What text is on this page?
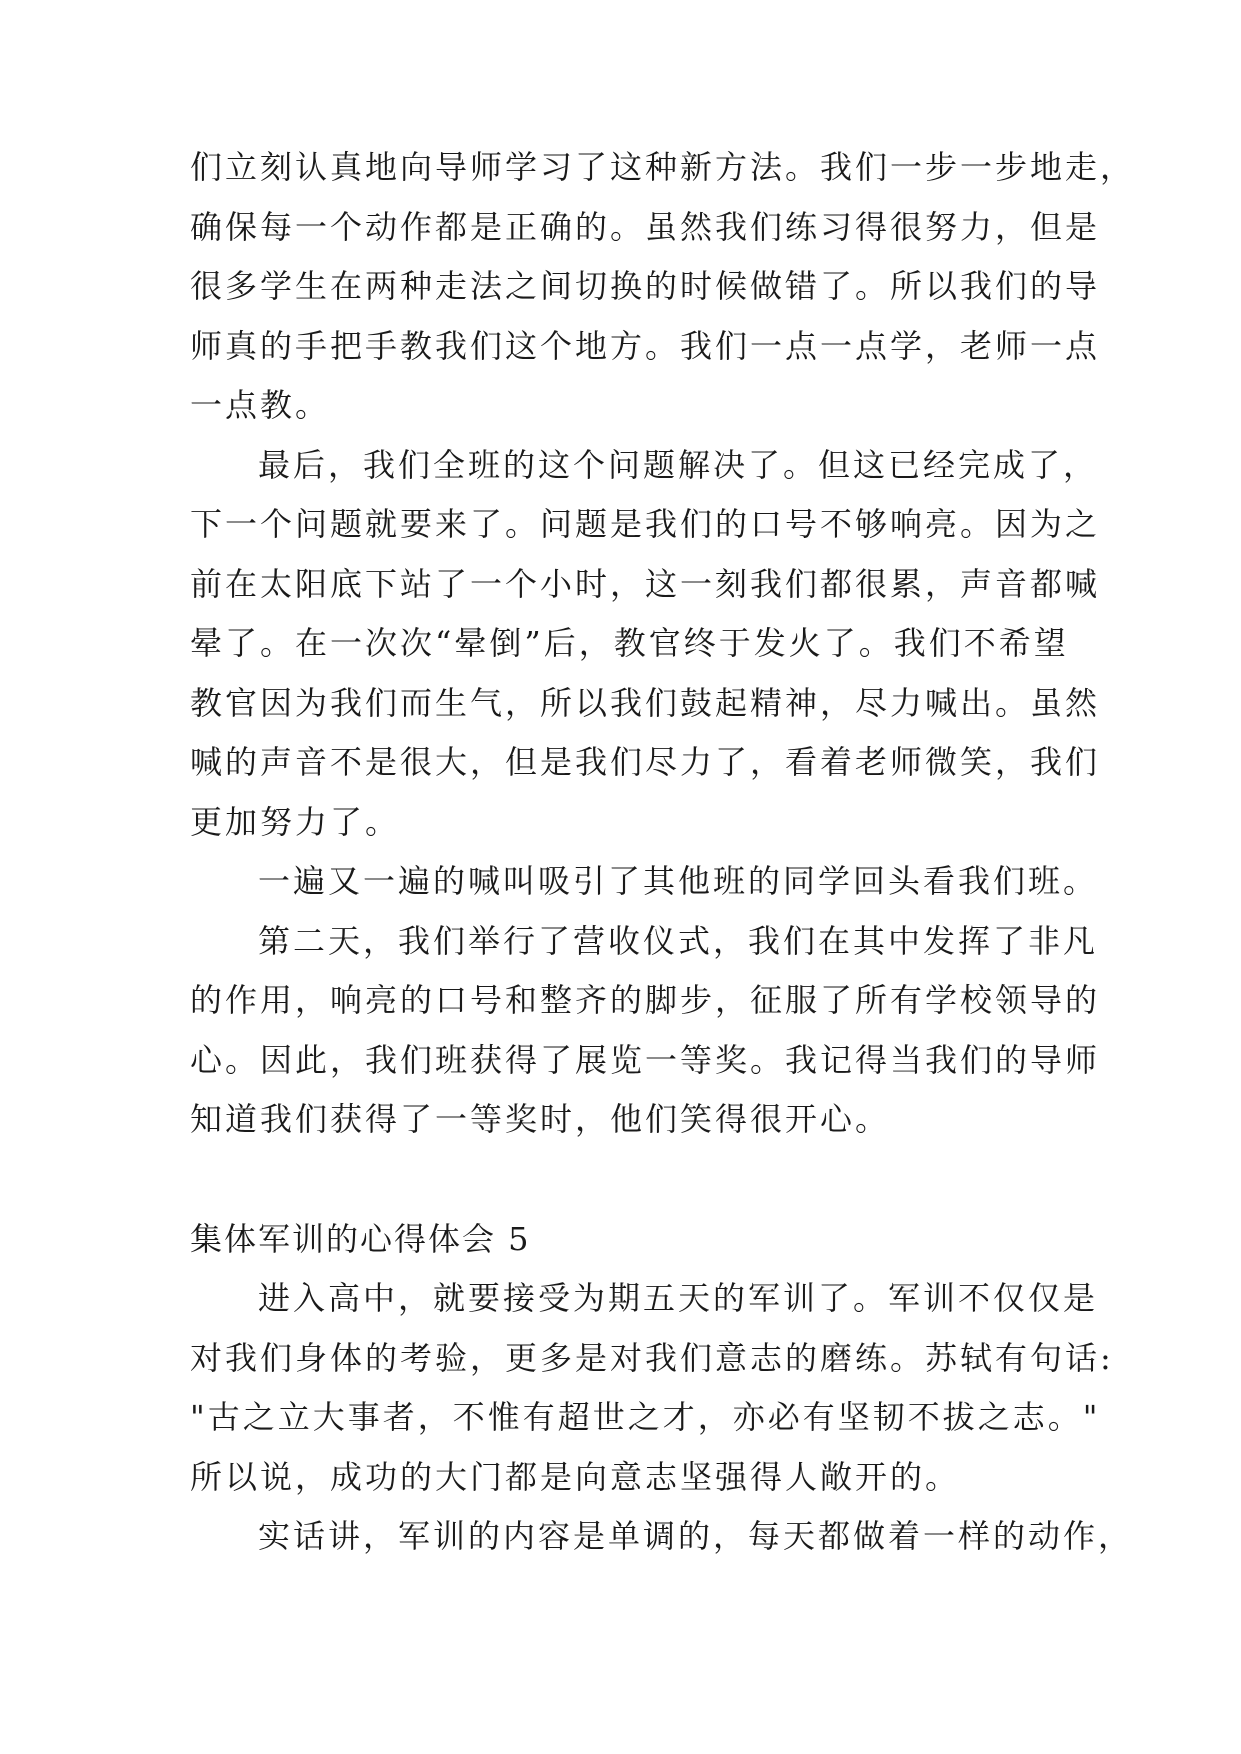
们立刻认真地向导师学习了这种新方法。我们一步一步地走，
确保每一个动作都是正确的。虽然我们练习得很努力，但是
很多学生在两种走法之间切换的时候做错了。所以我们的导
师真的手把手教我们这个地方。我们一点一点学，老师一点
一点教。
最后，我们全班的这个问题解决了。但这已经完成了，
下一个问题就要来了。问题是我们的口号不够响亮。因为之
前在太阳底下站了一个小时，这一刻我们都很累，声音都喊
晕了。在一次次“晕倒”后，教官终于发火了。我们不希望
教官因为我们而生气，所以我们鼓起精神，尽力喊出。虽然
喊的声音不是很大，但是我们尽力了，看着老师微笑，我们
更加努力了。
一遍又一遍的喊叫吸引了其他班的同学回头看我们班。
第二天，我们举行了营收仪式，我们在其中发挥了非凡
的作用，响亮的口号和整齐的脚步，征服了所有学校领导的
心。因此，我们班获得了展览一等奖。我记得当我们的导师
知道我们获得了一等奖时，他们笑得很开心。
集体军训的心得体会 5
进入高中，就要接受为期五天的军训了。军训不仅仅是
对我们身体的考验，更多是对我们意志的磨练。苏轼有句话:
"古之立大事者，不惟有超世之才，亦必有坚韧不拔之志。"
所以说，成功的大门都是向意志坚强得人敞开的。
实话讲，军训的内容是单调的，每天都做着一样的动作，
